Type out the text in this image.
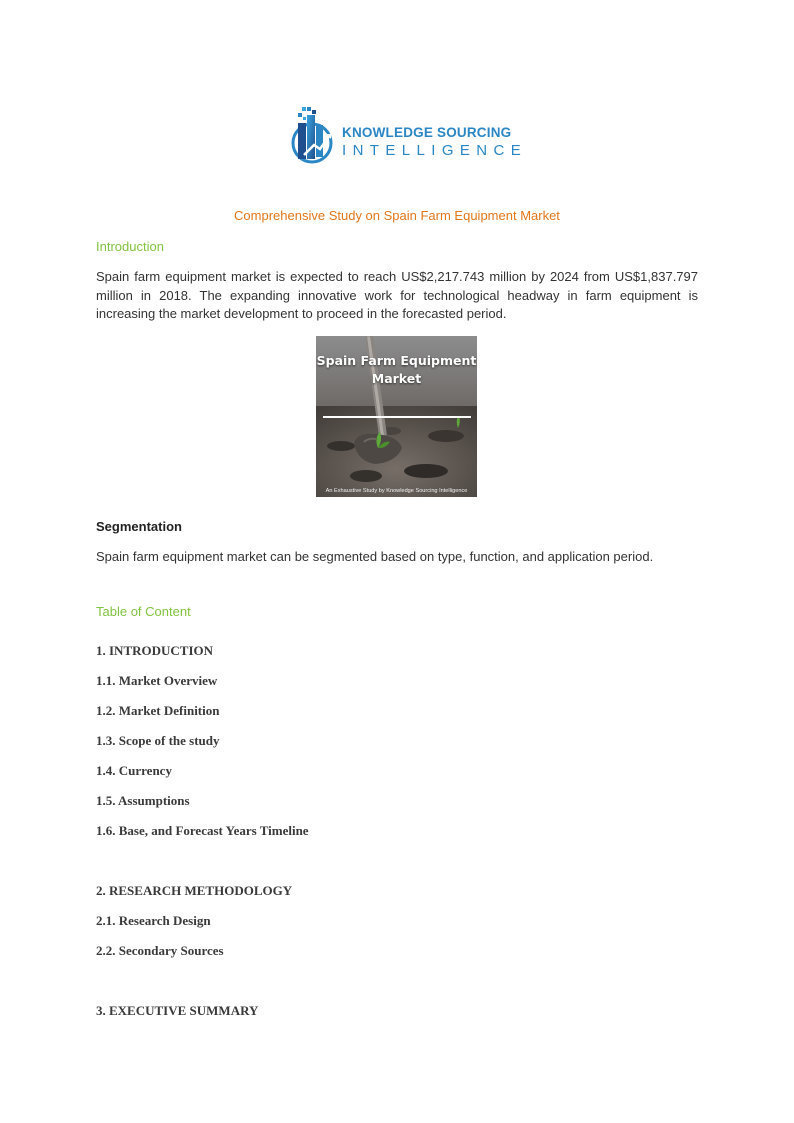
KNOWLEDGE SOURCING
INTELLIGENCE
Comprehensive Study on Spain Farm Equipment Market
Introduction
Spain farm equipment market is expected to reach US$2,217.743 million by 2024 from US$1,837.797 million in 2018. The expanding innovative work for technological headway in farm equipment is increasing the market development to proceed in the forecasted period.
Spain Farm Equipment Market
An Exhaustive Study by Knowledge Sourcing Intelligence
Segmentation
Spain farm equipment market can be segmented based on type, function, and application period.
Table of Content
1. INTRODUCTION
1.1. Market Overview
1.2. Market Definition
1.3. Scope of the study
1.4. Currency
1.5. Assumptions
1.6. Base, and Forecast Years Timeline
2. RESEARCH METHODOLOGY
2.1. Research Design
2.2. Secondary Sources
3. EXECUTIVE SUMMARY
